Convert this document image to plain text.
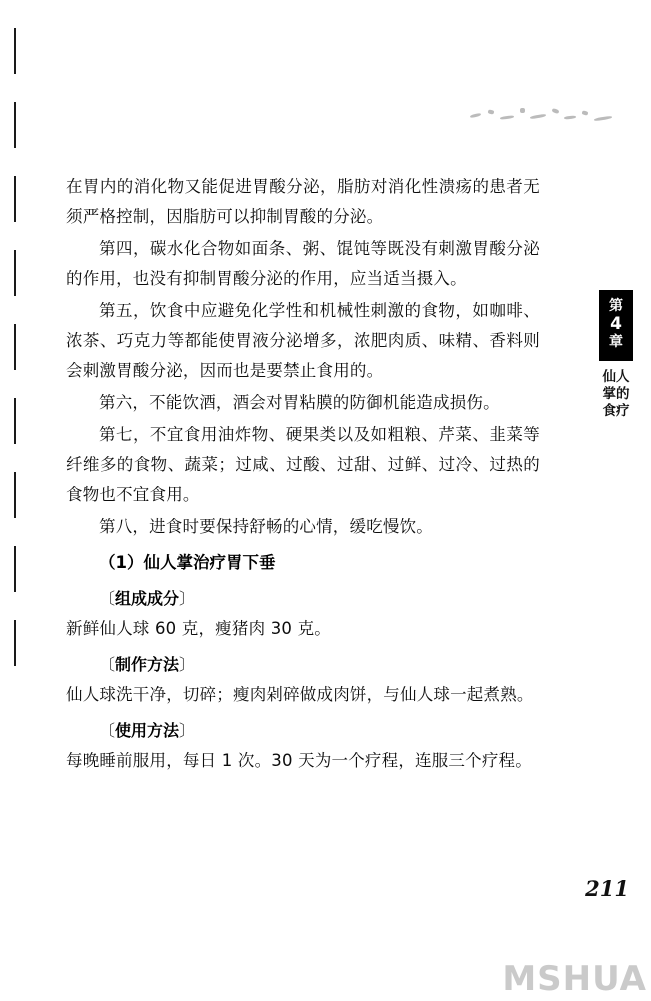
在胃内的消化物又能促进胃酸分泌，脂肪对消化性溃疡的患者无须严格控制，因脂肪可以抑制胃酸的分泌。

第四，碳水化合物如面条、粥、馄饨等既没有刺激胃酸分泌的作用，也没有抑制胃酸分泌的作用，应当适当摄入。

第五，饮食中应避免化学性和机械性刺激的食物，如咖啡、浓茶、巧克力等都能使胃液分泌增多，浓肥肉质、味精、香料则会刺激胃酸分泌，因而也是要禁止食用的。

第六，不能饮酒，酒会对胃粘膜的防御机能造成损伤。

第七，不宜食用油炸物、硬果类以及如粗粮、芹菜、韭菜等纤维多的食物、蔬菜；过咸、过酸、过甜、过鲜、过冷、过热的食物也不宜食用。

第八，进食时要保持舒畅的心情，缓吃慢饮。

（1）仙人掌治疗胃下垂

〔组成成分〕

新鲜仙人球 60 克，瘦猪肉 30 克。

〔制作方法〕

仙人球洗干净，切碎；瘦肉剁碎做成肉饼，与仙人球一起煮熟。

〔使用方法〕

每晚睡前服用，每日 1 次。30 天为一个疗程，连服三个疗程。

第
4
章
仙人掌的食疗
211
MSHUA
